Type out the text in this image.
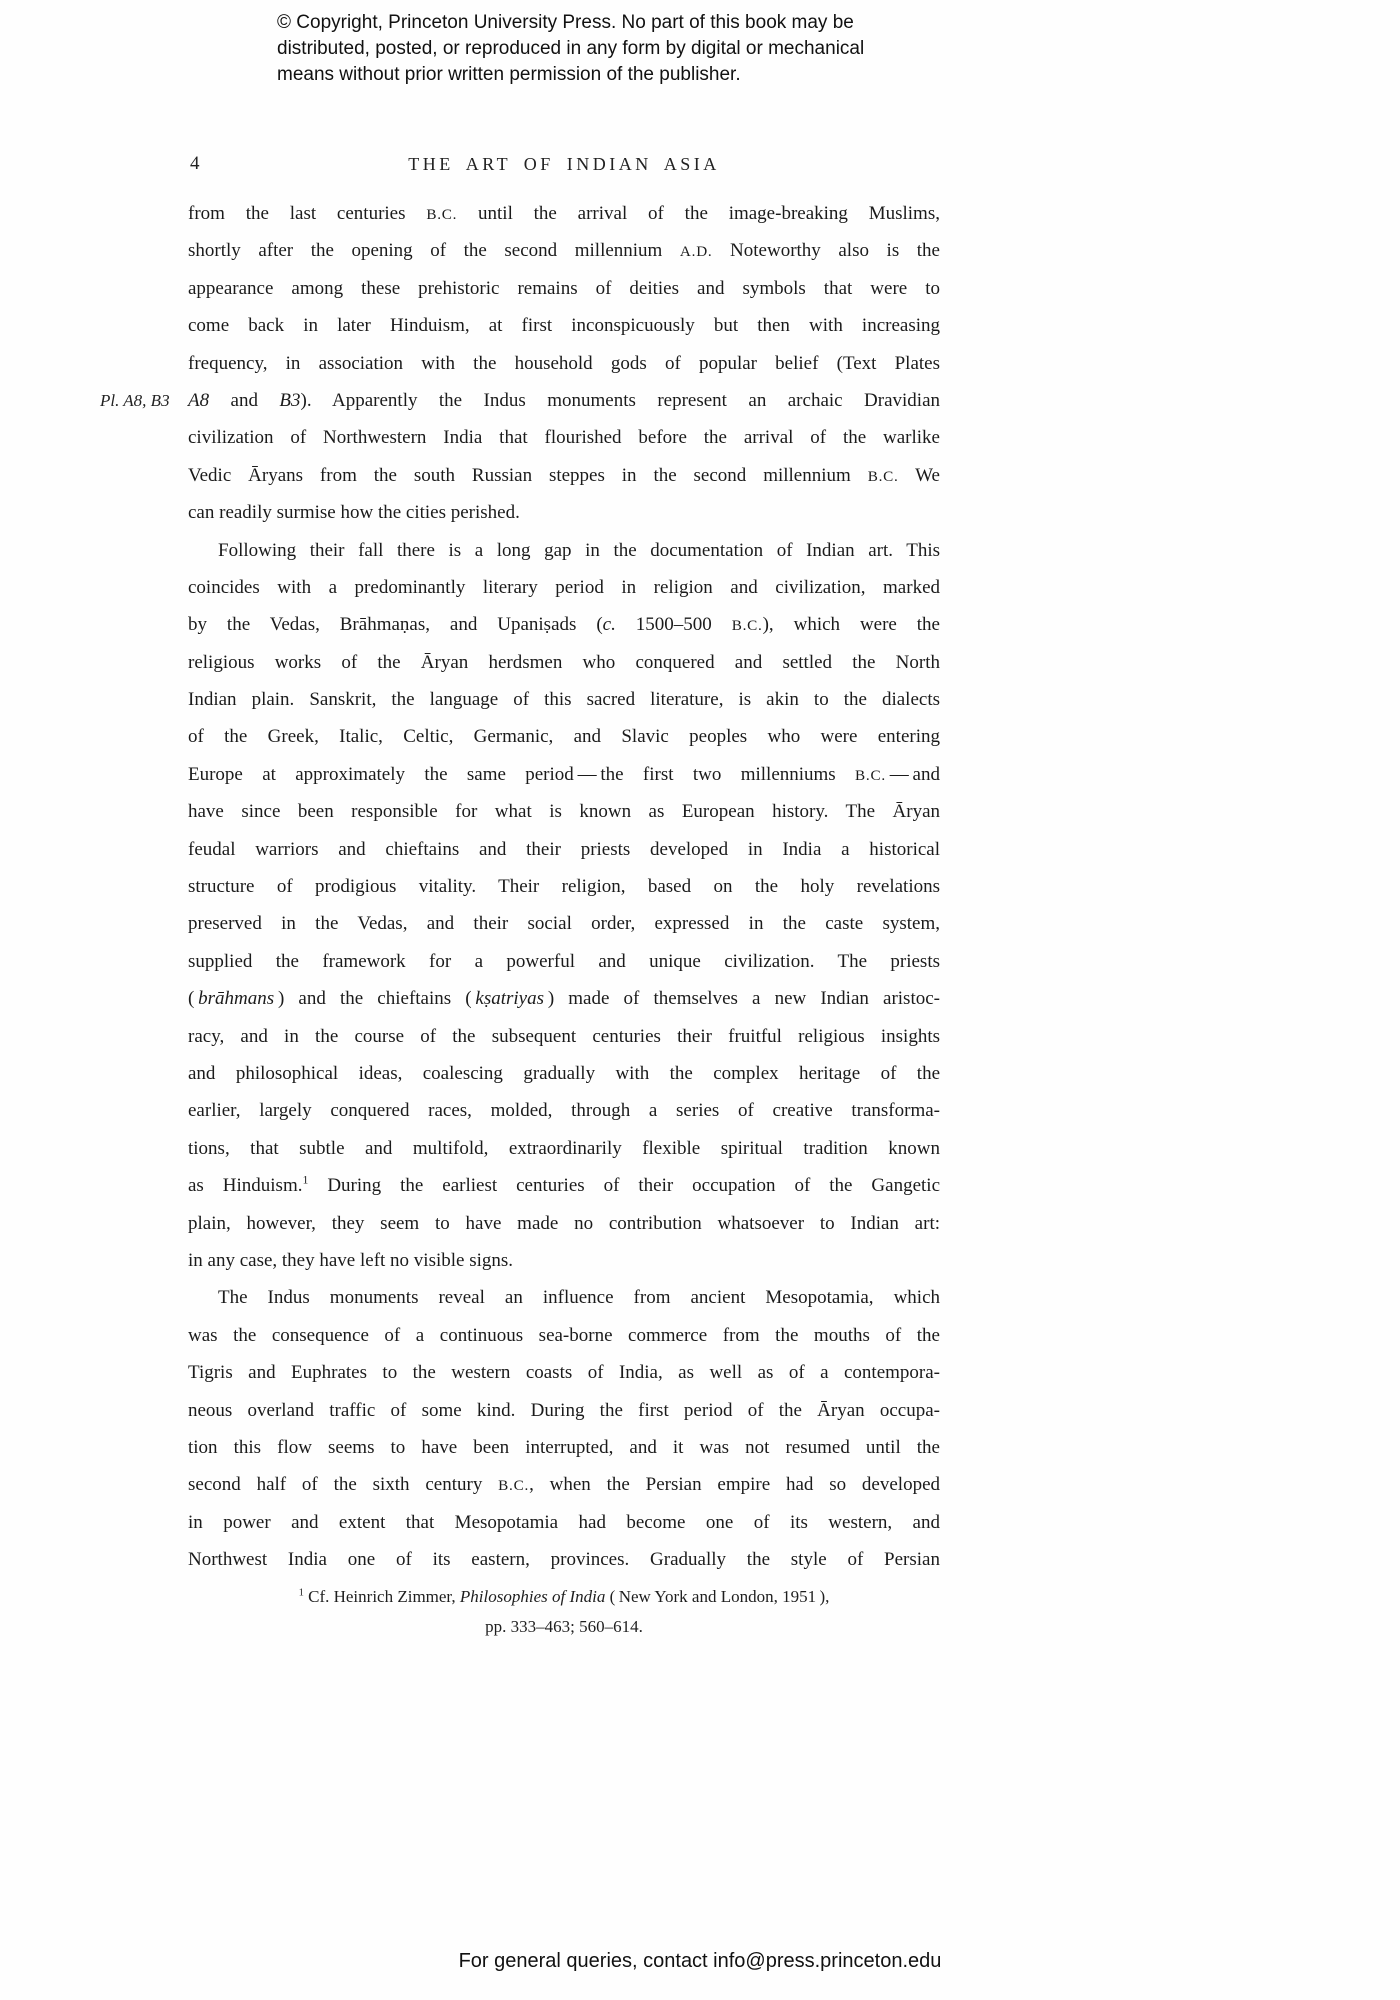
© Copyright, Princeton University Press. No part of this book may be
distributed, posted, or reproduced in any form by digital or mechanical
means without prior written permission of the publisher.
4	THE ART OF INDIAN ASIA
Pl. A8, B3
from the last centuries B.C. until the arrival of the image-breaking Muslims,
shortly after the opening of the second millennium A.D. Noteworthy also is the
appearance among these prehistoric remains of deities and symbols that were to
come back in later Hinduism, at first inconspicuously but then with increasing
frequency, in association with the household gods of popular belief (Text Plates
A8 and B3). Apparently the Indus monuments represent an archaic Dravidian
civilization of Northwestern India that flourished before the arrival of the warlike
Vedic Āryans from the south Russian steppes in the second millennium B.C. We
can readily surmise how the cities perished.
Following their fall there is a long gap in the documentation of Indian art. This
coincides with a predominantly literary period in religion and civilization, marked
by the Vedas, Brāhmaṇas, and Upaniṣads (c. 1500–500 B.C.), which were the
religious works of the Āryan herdsmen who conquered and settled the North
Indian plain. Sanskrit, the language of this sacred literature, is akin to the dialects
of the Greek, Italic, Celtic, Germanic, and Slavic peoples who were entering
Europe at approximately the same period — the first two millenniums B.C. — and
have since been responsible for what is known as European history. The Āryan
feudal warriors and chieftains and their priests developed in India a historical
structure of prodigious vitality. Their religion, based on the holy revelations
preserved in the Vedas, and their social order, expressed in the caste system,
supplied the framework for a powerful and unique civilization. The priests
( brāhmans ) and the chieftains ( kṣatriyas ) made of themselves a new Indian aristoc-
racy, and in the course of the subsequent centuries their fruitful religious insights
and philosophical ideas, coalescing gradually with the complex heritage of the
earlier, largely conquered races, molded, through a series of creative transforma-
tions, that subtle and multifold, extraordinarily flexible spiritual tradition known
as Hinduism.$^1$ During the earliest centuries of their occupation of the Gangetic
plain, however, they seem to have made no contribution whatsoever to Indian art:
in any case, they have left no visible signs.
The Indus monuments reveal an influence from ancient Mesopotamia, which
was the consequence of a continuous sea-borne commerce from the mouths of the
Tigris and Euphrates to the western coasts of India, as well as of a contempora-
neous overland traffic of some kind. During the first period of the Āryan occupa-
tion this flow seems to have been interrupted, and it was not resumed until the
second half of the sixth century B.C., when the Persian empire had so developed
in power and extent that Mesopotamia had become one of its western, and
Northwest India one of its eastern, provinces. Gradually the style of Persian
$^1$ Cf. Heinrich Zimmer, Philosophies of India ( New York and London, 1951 ),
pp. 333–463; 560–614.
For general queries, contact info@press.princeton.edu
